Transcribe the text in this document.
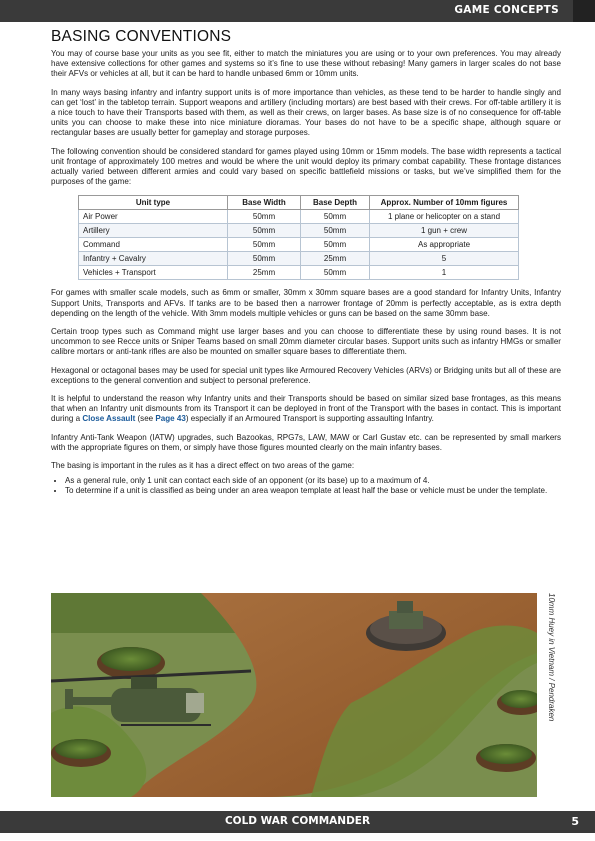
GAME CONCEPTS
BASING CONVENTIONS

You may of course base your units as you see fit, either to match the miniatures you are using or to your own preferences. You may already have extensive collections for other games and systems so it’s fine to use these without rebasing! Many gamers in larger scales do not base their AFVs or vehicles at all, but it can be hard to handle unbased 6mm or 10mm units.

In many ways basing infantry and infantry support units is of more importance than vehicles, as these tend to be harder to handle singly and can get ‘lost’ in the tabletop terrain. Support weapons and artillery (including mortars) are best based with their crews. For off-table artillery it is a nice touch to have their Transports based with them, as well as their crews, on larger bases. As base size is of no consequence for off-table units you can choose to make these into nice miniature dioramas. Your bases do not have to be a specific shape, although square or rectangular bases are usually better for gameplay and storage purposes.

The following convention should be considered standard for games played using 10mm or 15mm models. The base width represents a tactical unit frontage of approximately 100 metres and would be where the unit would deploy its primary combat capability. These frontage distances actually varied between different armies and could vary based on specific battlefield missions or tasks, but we’ve simplified them for the purposes of the game:

Unit type	Base Width	Base Depth	Approx. Number of 10mm figures
Air Power	50mm	50mm	1 plane or helicopter on a stand
Artillery	50mm	50mm	1 gun + crew
Command	50mm	50mm	As appropriate
Infantry + Cavalry	50mm	25mm	5
Vehicles + Transport	25mm	50mm	1

For games with smaller scale models, such as 6mm or smaller, 30mm x 30mm square bases are a good standard for Infantry Units, Infantry Support Units, Transports and AFVs. If tanks are to be based then a narrower frontage of 20mm is perfectly acceptable, as is extra depth depending on the length of the vehicle. With 3mm models multiple vehicles or guns can be based on the same 30mm base.

Certain troop types such as Command might use larger bases and you can choose to differentiate these by using round bases. It is not uncommon to see Recce units or Sniper Teams based on small 20mm diameter circular bases. Support units such as infantry HMGs or smaller calibre mortars or anti-tank rifles are also be mounted on smaller square bases to differentiate them.

Hexagonal or octagonal bases may be used for special unit types like Armoured Recovery Vehicles (ARVs) or Bridging units but all of these are exceptions to the general convention and subject to personal preference.

It is helpful to understand the reason why Infantry units and their Transports should be based on similar sized base frontages, as this means that when an Infantry unit dismounts from its Transport it can be deployed in front of the Transport with the bases in contact. This is important during a Close Assault (see Page 43) especially if an Armoured Transport is supporting assaulting Infantry.

Infantry Anti-Tank Weapon (IATW) upgrades, such Bazookas, RPG7s, LAW, MAW or Carl Gustav etc. can be represented by small markers with the appropriate figures on them, or simply have those figures mounted clearly on the main infantry bases.

The basing is important in the rules as it has a direct effect on two areas of the game:

• As a general rule, only 1 unit can contact each side of an opponent (or its base) up to a maximum of 4.
• To determine if a unit is classified as being under an area weapon template at least half the base or vehicle must be under the template.
10mm Huey in Vietnam / Pendraken
COLD WAR COMMANDER	5
